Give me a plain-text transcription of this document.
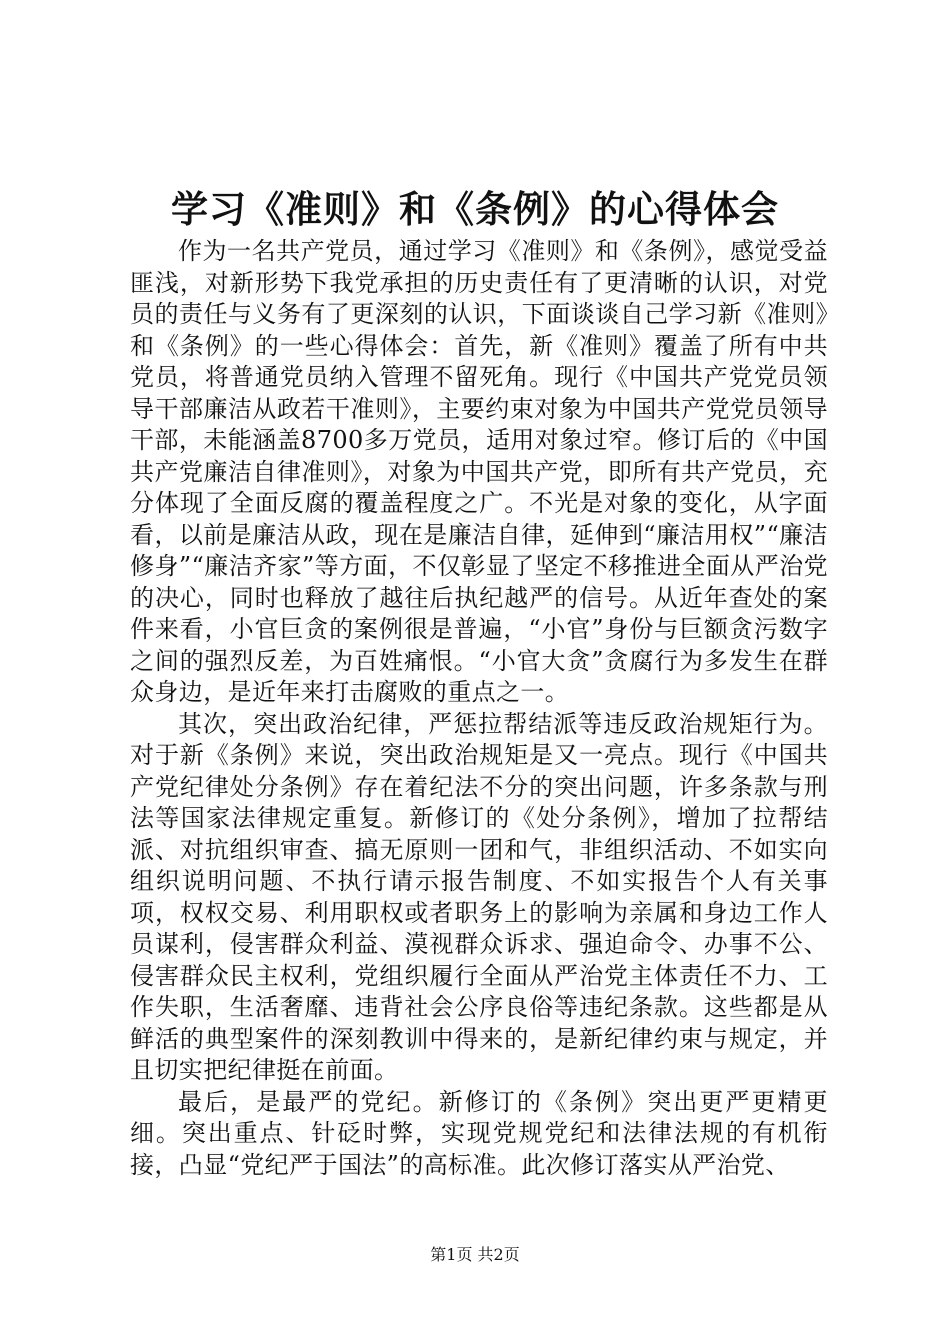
学习《准则》和《条例》的心得体会

作为一名共产党员，通过学习《准则》和《条例》，感觉受益匪浅，对新形势下我党承担的历史责任有了更清晰的认识，对党员的责任与义务有了更深刻的认识，下面谈谈自己学习新《准则》和《条例》的一些心得体会：首先，新《准则》覆盖了所有中共党员，将普通党员纳入管理不留死角。现行《中国共产党党员领导干部廉洁从政若干准则》，主要约束对象为中国共产党党员领导干部，未能涵盖8700多万党员，适用对象过窄。修订后的《中国共产党廉洁自律准则》，对象为中国共产党，即所有共产党员，充分体现了全面反腐的覆盖程度之广。不光是对象的变化，从字面看，以前是廉洁从政，现在是廉洁自律，延伸到“廉洁用权”“廉洁修身”“廉洁齐家”等方面，不仅彰显了坚定不移推进全面从严治党的决心，同时也释放了越往后执纪越严的信号。从近年查处的案件来看，小官巨贪的案例很是普遍，“小官”身份与巨额贪污数字之间的强烈反差，为百姓痛恨。“小官大贪”贪腐行为多发生在群众身边，是近年来打击腐败的重点之一。

其次，突出政治纪律，严惩拉帮结派等违反政治规矩行为。对于新《条例》来说，突出政治规矩是又一亮点。现行《中国共产党纪律处分条例》存在着纪法不分的突出问题，许多条款与刑法等国家法律规定重复。新修订的《处分条例》，增加了拉帮结派、对抗组织审查、搞无原则一团和气，非组织活动、不如实向组织说明问题、不执行请示报告制度、不如实报告个人有关事项，权权交易、利用职权或者职务上的影响为亲属和身边工作人员谋利，侵害群众利益、漠视群众诉求、强迫命令、办事不公、侵害群众民主权利，党组织履行全面从严治党主体责任不力、工作失职，生活奢靡、违背社会公序良俗等违纪条款。这些都是从鲜活的典型案件的深刻教训中得来的，是新纪律约束与规定，并且切实把纪律挺在前面。

最后，是最严的党纪。新修订的《条例》突出更严更精更细。突出重点、针砭时弊，实现党规党纪和法律法规的有机衔接，凸显“党纪严于国法”的高标准。此次修订落实从严治党、

第1页 共2页
